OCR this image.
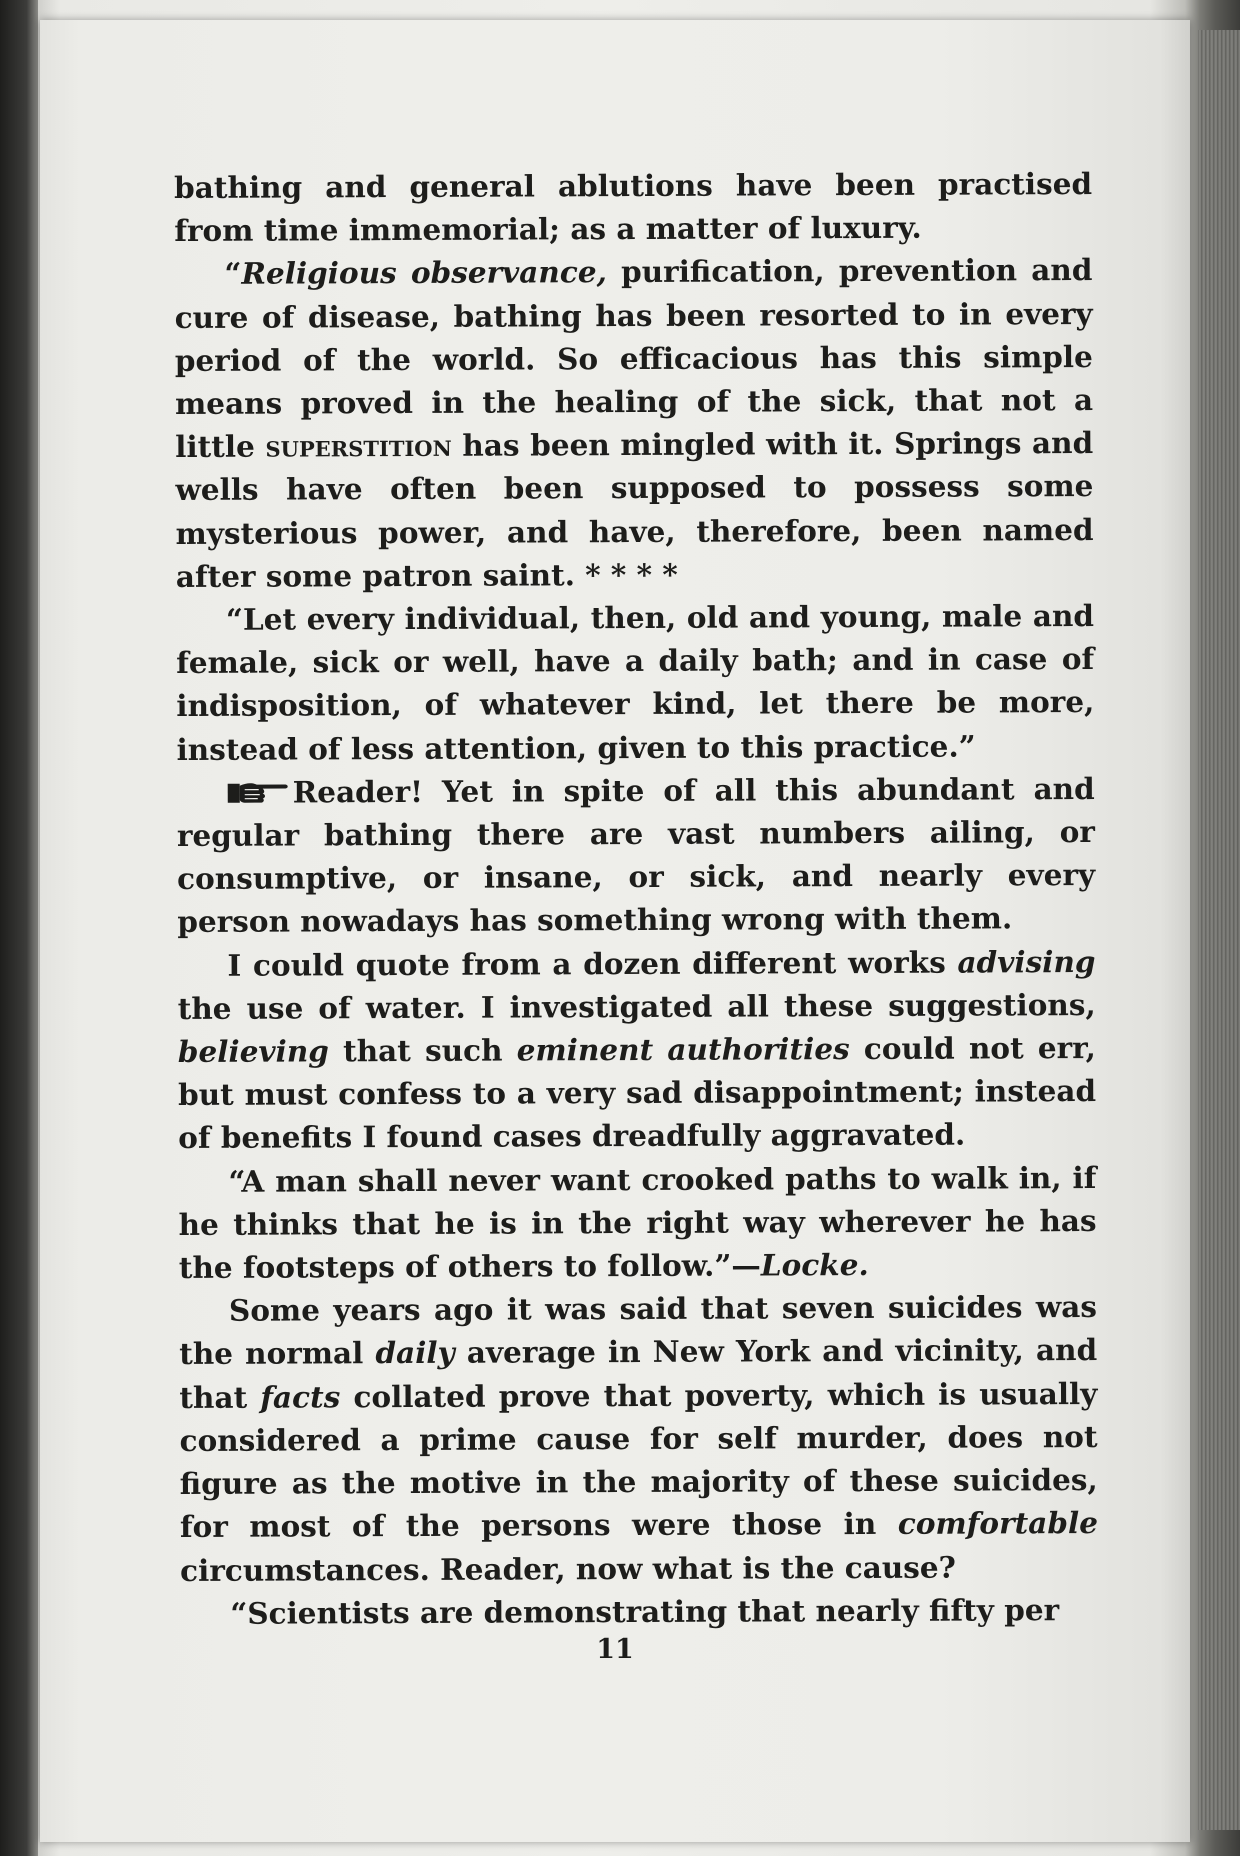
bathing and general ablutions have been practised from time immemorial; as a matter of luxury.

“Religious observance, purification, prevention and cure of disease, bathing has been resorted to in every period of the world. So efficacious has this simple means proved in the healing of the sick, that not a little superstition has been mingled with it. Springs and wells have often been supposed to possess some mysterious power, and have, therefore, been named after some patron saint. * * * *

“Let every individual, then, old and young, male and female, sick or well, have a daily bath; and in case of indisposition, of whatever kind, let there be more, instead of less attention, given to this practice.”

Reader! Yet in spite of all this abundant and regular bathing there are vast numbers ailing, or consumptive, or insane, or sick, and nearly every person nowadays has something wrong with them.

I could quote from a dozen different works advising the use of water. I investigated all these suggestions, believing that such eminent authorities could not err, but must confess to a very sad disappointment; instead of benefits I found cases dreadfully aggravated.

“A man shall never want crooked paths to walk in, if he thinks that he is in the right way wherever he has the footsteps of others to follow.”—Locke.

Some years ago it was said that seven suicides was the normal daily average in New York and vicinity, and that facts collated prove that poverty, which is usually considered a prime cause for self murder, does not figure as the motive in the majority of these suicides, for most of the persons were those in comfortable circumstances. Reader, now what is the cause?

“Scientists are demonstrating that nearly fifty per

11
